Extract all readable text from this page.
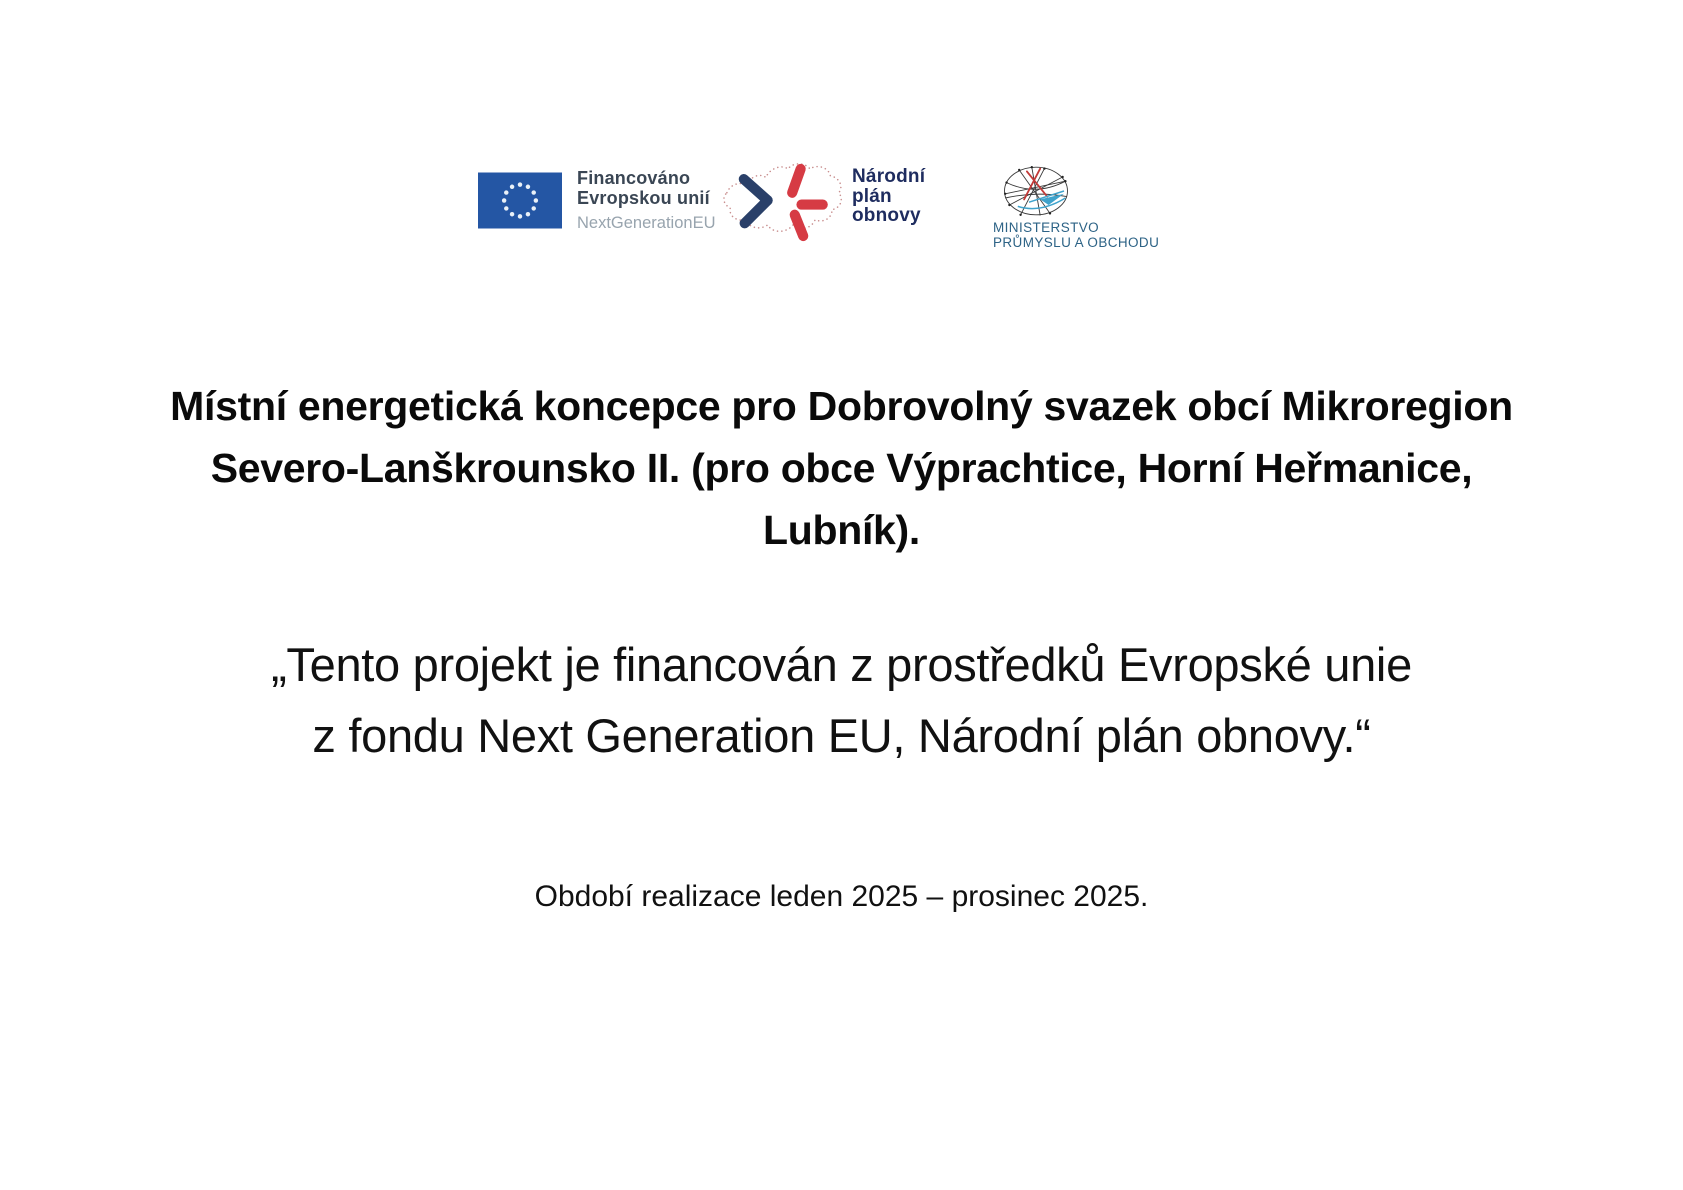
Financováno
Evropskou unií
NextGenerationEU
Národní
plán
obnovy
MINISTERSTVO
PRŮMYSLU A OBCHODU
Místní energetická koncepce pro Dobrovolný svazek obcí Mikroregion
Severo-Lanškrounsko II. (pro obce Výprachtice, Horní Heřmanice,
Lubník).
„Tento projekt je financován z prostředků Evropské unie
z fondu Next Generation EU, Národní plán obnovy.“
Období realizace leden 2025 – prosinec 2025.
